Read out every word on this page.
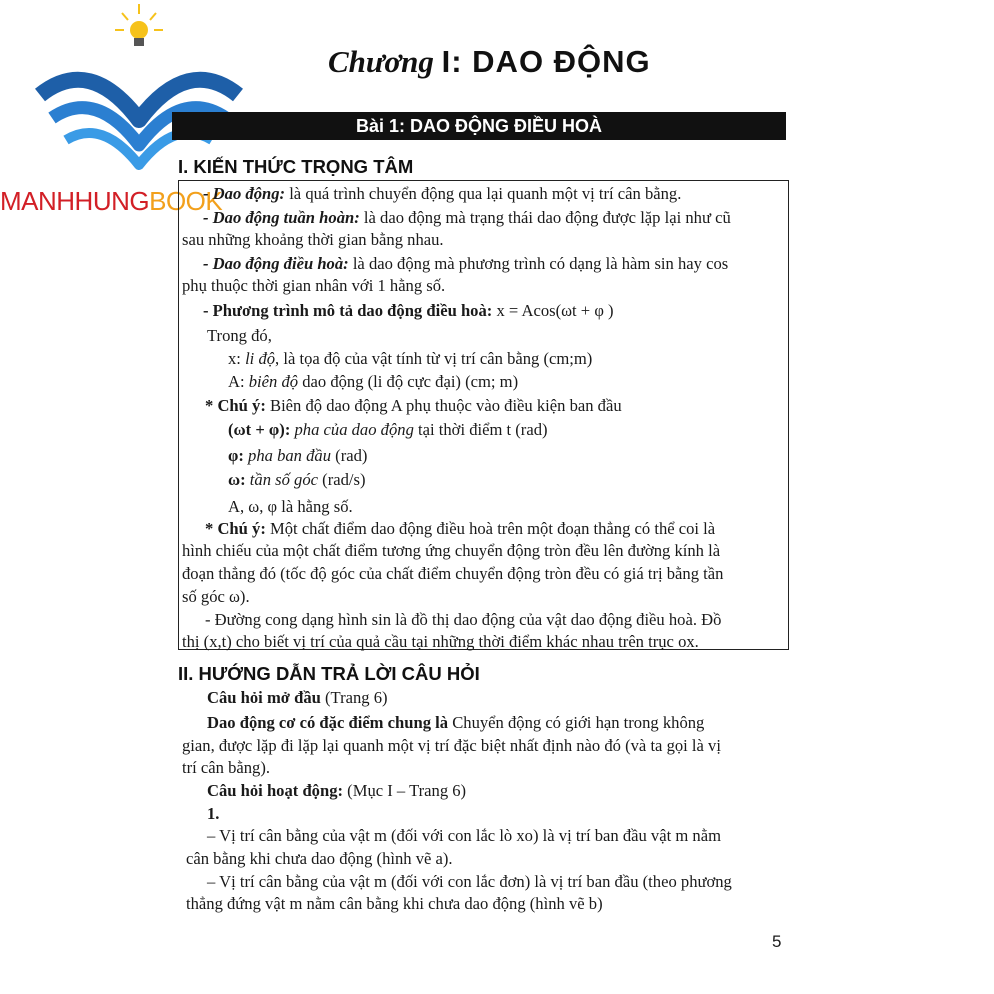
MANHHUNGBOOK
Chương I: DAO ĐỘNG
Bài 1: DAO ĐỘNG ĐIỀU HOÀ
I. KIẾN THỨC TRỌNG TÂM
- Dao động: là quá trình chuyển động qua lại quanh một vị trí cân bằng.
- Dao động tuần hoàn: là dao động mà trạng thái dao động được lặp lại như cũ
sau những khoảng thời gian bằng nhau.
- Dao động điều hoà: là dao động mà phương trình có dạng là hàm sin hay cos
phụ thuộc thời gian nhân với 1 hằng số.
- Phương trình mô tả dao động điều hoà: x = Acos(ωt + φ )
Trong đó,
x: li độ, là tọa độ của vật tính từ vị trí cân bằng (cm;m)
A: biên độ dao động (li độ cực đại) (cm; m)
* Chú ý: Biên độ dao động A phụ thuộc vào điều kiện ban đầu
(ωt + φ): pha của dao động tại thời điểm t (rad)
φ: pha ban đầu (rad)
ω: tần số góc (rad/s)
A, ω, φ là hằng số.
* Chú ý: Một chất điểm dao động điều hoà trên một đoạn thẳng có thể coi là
hình chiếu của một chất điểm tương ứng chuyển động tròn đều lên đường kính là
đoạn thẳng đó (tốc độ góc của chất điểm chuyển động tròn đều có giá trị bằng tần
số góc ω).
- Đường cong dạng hình sin là đồ thị dao động của vật dao động điều hoà. Đồ
thị (x,t) cho biết vị trí của quả cầu tại những thời điểm khác nhau trên trục ox.
II. HƯỚNG DẪN TRẢ LỜI CÂU HỎI
Câu hỏi mở đầu (Trang 6)
Dao động cơ có đặc điểm chung là Chuyển động có giới hạn trong không
gian, được lặp đi lặp lại quanh một vị trí đặc biệt nhất định nào đó (và ta gọi là vị
trí cân bằng).
Câu hỏi hoạt động: (Mục I – Trang 6)
1.
– Vị trí cân bằng của vật m (đối với con lắc lò xo) là vị trí ban đầu vật m nằm
cân bằng khi chưa dao động (hình vẽ a).
– Vị trí cân bằng của vật m (đối với con lắc đơn) là vị trí ban đầu (theo phương
thẳng đứng vật m nằm cân bằng khi chưa dao động (hình vẽ b)
5
